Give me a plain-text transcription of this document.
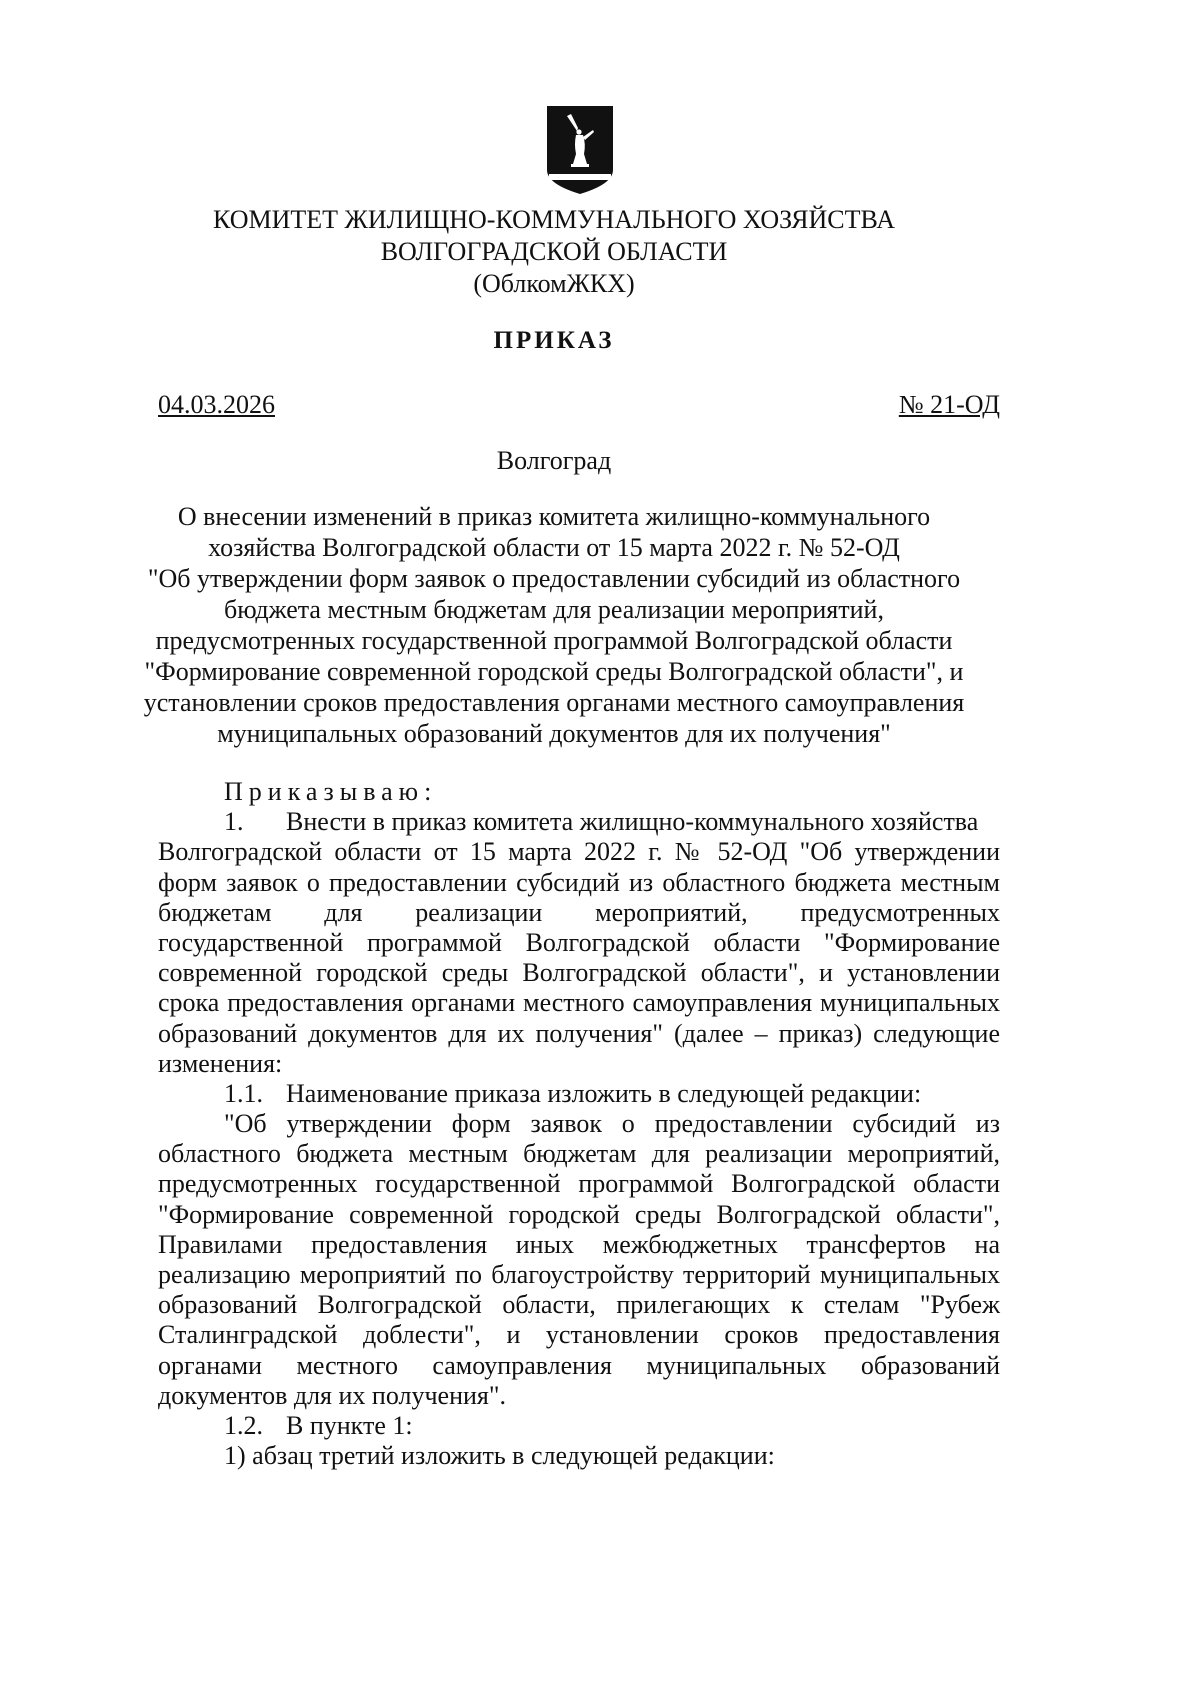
КОМИТЕТ ЖИЛИЩНО-КОММУНАЛЬНОГО ХОЗЯЙСТВА
ВОЛГОГРАДСКОЙ ОБЛАСТИ
(ОблкомЖКХ)
ПРИКАЗ
04.03.2026	№ 21-ОД
Волгоград
О внесении изменений в приказ комитета жилищно-коммунального
хозяйства Волгоградской области от 15 марта 2022 г. № 52-ОД
"Об утверждении форм заявок о предоставлении субсидий из областного
бюджета местным бюджетам для реализации мероприятий,
предусмотренных государственной программой Волгоградской области
"Формирование современной городской среды Волгоградской области", и
установлении сроков предоставления органами местного самоуправления
муниципальных образований документов для их получения"
Приказываю:
1. Внести в приказ комитета жилищно-коммунального хозяйства
Волгоградской области от 15 марта 2022 г. № 52-ОД "Об утверждении
форм заявок о предоставлении субсидий из областного бюджета местным
бюджетам для реализации мероприятий, предусмотренных
государственной программой Волгоградской области "Формирование
современной городской среды Волгоградской области", и установлении
срока предоставления органами местного самоуправления муниципальных
образований документов для их получения" (далее – приказ) следующие
изменения:
1.1. Наименование приказа изложить в следующей редакции:
"Об утверждении форм заявок о предоставлении субсидий из
областного бюджета местным бюджетам для реализации мероприятий,
предусмотренных государственной программой Волгоградской области
"Формирование современной городской среды Волгоградской области",
Правилами предоставления иных межбюджетных трансфертов на
реализацию мероприятий по благоустройству территорий муниципальных
образований Волгоградской области, прилегающих к стелам "Рубеж
Сталинградской доблести", и установлении сроков предоставления
органами местного самоуправления муниципальных образований
документов для их получения".
1.2. В пункте 1:
1) абзац третий изложить в следующей редакции:
